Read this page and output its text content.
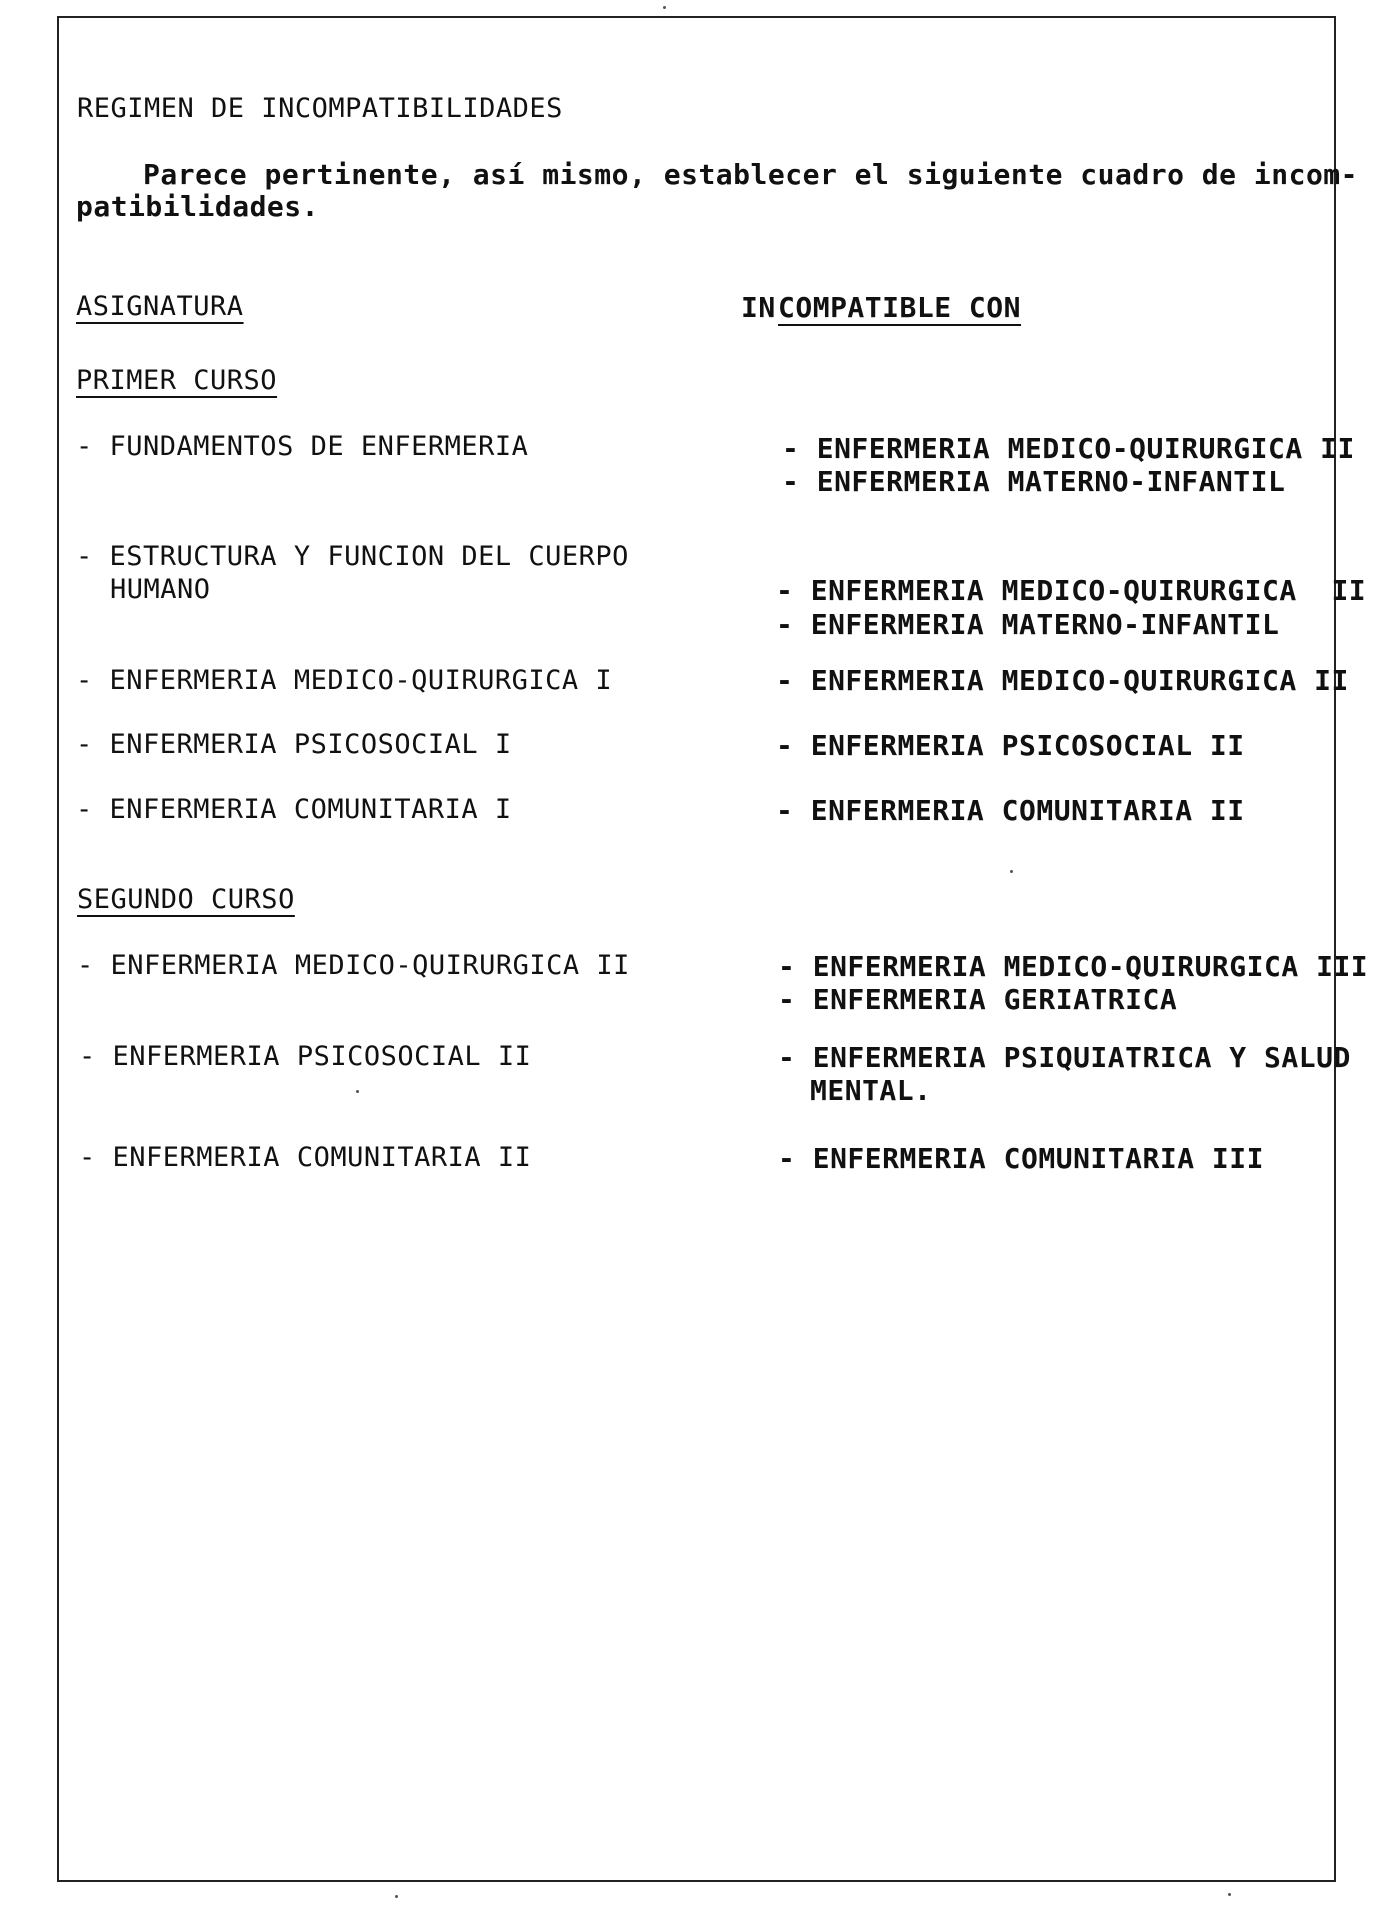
REGIMEN DE INCOMPATIBILIDADES
Parece pertinente, así mismo, establecer el siguiente cuadro de incom-
patibilidades.
ASIGNATURA	IN COMPATIBLE CON
PRIMER CURSO
- FUNDAMENTOS DE ENFERMERIA	- ENFERMERIA MEDICO-QUIRURGICA II
- ENFERMERIA MATERNO-INFANTIL
- ESTRUCTURA Y FUNCION DEL CUERPO
HUMANO	- ENFERMERIA MEDICO-QUIRURGICA  II
- ENFERMERIA MATERNO-INFANTIL
- ENFERMERIA MEDICO-QUIRURGICA I	- ENFERMERIA MEDICO-QUIRURGICA II
- ENFERMERIA PSICOSOCIAL I	- ENFERMERIA PSICOSOCIAL II
- ENFERMERIA COMUNITARIA I	- ENFERMERIA COMUNITARIA II
SEGUNDO CURSO
- ENFERMERIA MEDICO-QUIRURGICA II	- ENFERMERIA MEDICO-QUIRURGICA III
- ENFERMERIA GERIATRICA
- ENFERMERIA PSICOSOCIAL II	- ENFERMERIA PSIQUIATRICA Y SALUD
MENTAL.
- ENFERMERIA COMUNITARIA II	- ENFERMERIA COMUNITARIA III
